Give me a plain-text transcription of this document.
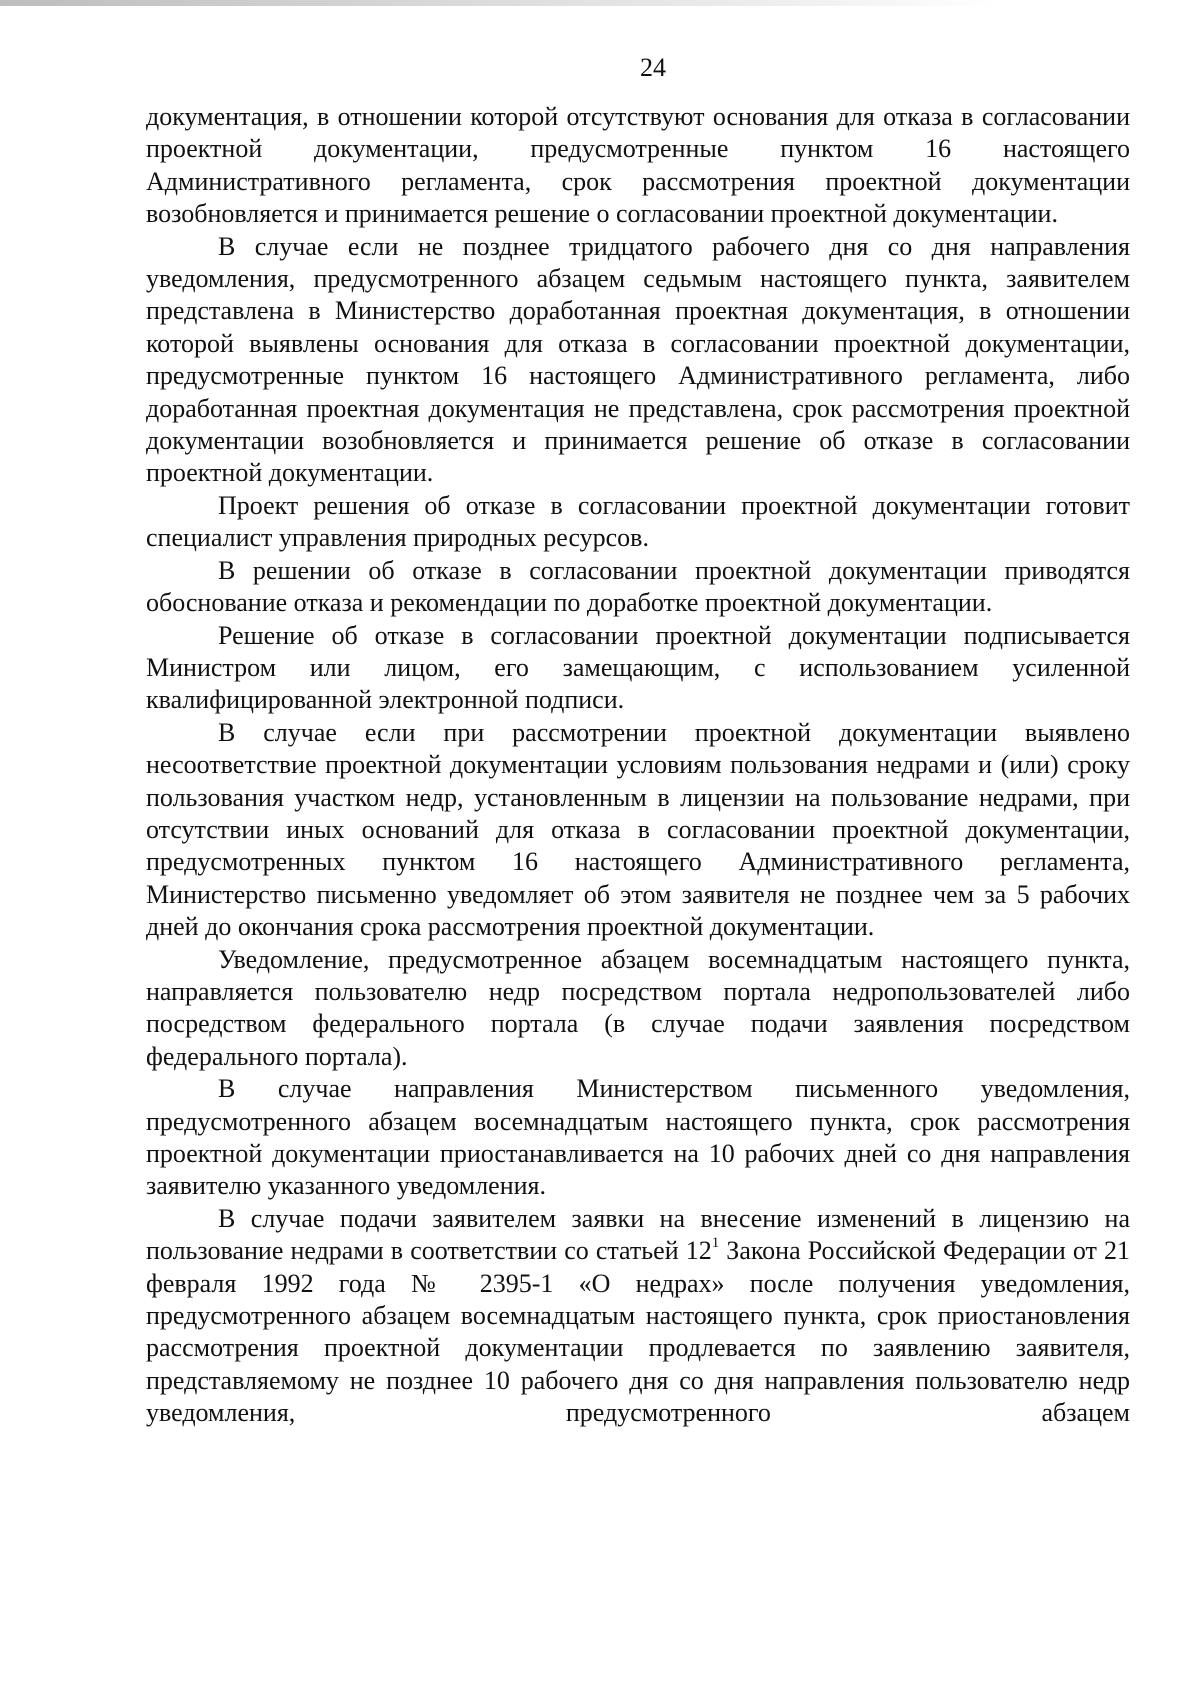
24

документация, в отношении которой отсутствуют основания для отказа в согласовании проектной документации, предусмотренные пунктом 16 настоящего Административного регламента, срок рассмотрения проектной документации возобновляется и принимается решение о согласовании проектной документации.

В случае если не позднее тридцатого рабочего дня со дня направления уведомления, предусмотренного абзацем седьмым настоящего пункта, заявителем представлена в Министерство доработанная проектная документация, в отношении которой выявлены основания для отказа в согласовании проектной документации, предусмотренные пунктом 16 настоящего Административного регламента, либо доработанная проектная документация не представлена, срок рассмотрения проектной документации возобновляется и принимается решение об отказе в согласовании проектной документации.

Проект решения об отказе в согласовании проектной документации готовит специалист управления природных ресурсов.

В решении об отказе в согласовании проектной документации приводятся обоснование отказа и рекомендации по доработке проектной документации.

Решение об отказе в согласовании проектной документации подписывается Министром или лицом, его замещающим, с использованием усиленной квалифицированной электронной подписи.

В случае если при рассмотрении проектной документации выявлено несоответствие проектной документации условиям пользования недрами и (или) сроку пользования участком недр, установленным в лицензии на пользование недрами, при отсутствии иных оснований для отказа в согласовании проектной документации, предусмотренных пунктом 16 настоящего Административного регламента, Министерство письменно уведомляет об этом заявителя не позднее чем за 5 рабочих дней до окончания срока рассмотрения проектной документации.

Уведомление, предусмотренное абзацем восемнадцатым настоящего пункта, направляется пользователю недр посредством портала недропользователей либо посредством федерального портала (в случае подачи заявления посредством федерального портала).

В случае направления Министерством письменного уведомления, предусмотренного абзацем восемнадцатым настоящего пункта, срок рассмотрения проектной документации приостанавливается на 10 рабочих дней со дня направления заявителю указанного уведомления.

В случае подачи заявителем заявки на внесение изменений в лицензию на пользование недрами в соответствии со статьей $12^1$ Закона Российской Федерации от 21 февраля 1992 года № 2395-1 «О недрах» после получения уведомления, предусмотренного абзацем восемнадцатым настоящего пункта, срок приостановления рассмотрения проектной документации продлевается по заявлению заявителя, представляемому не позднее 10 рабочего дня со дня направления пользователю недр уведомления, предусмотренного абзацем
